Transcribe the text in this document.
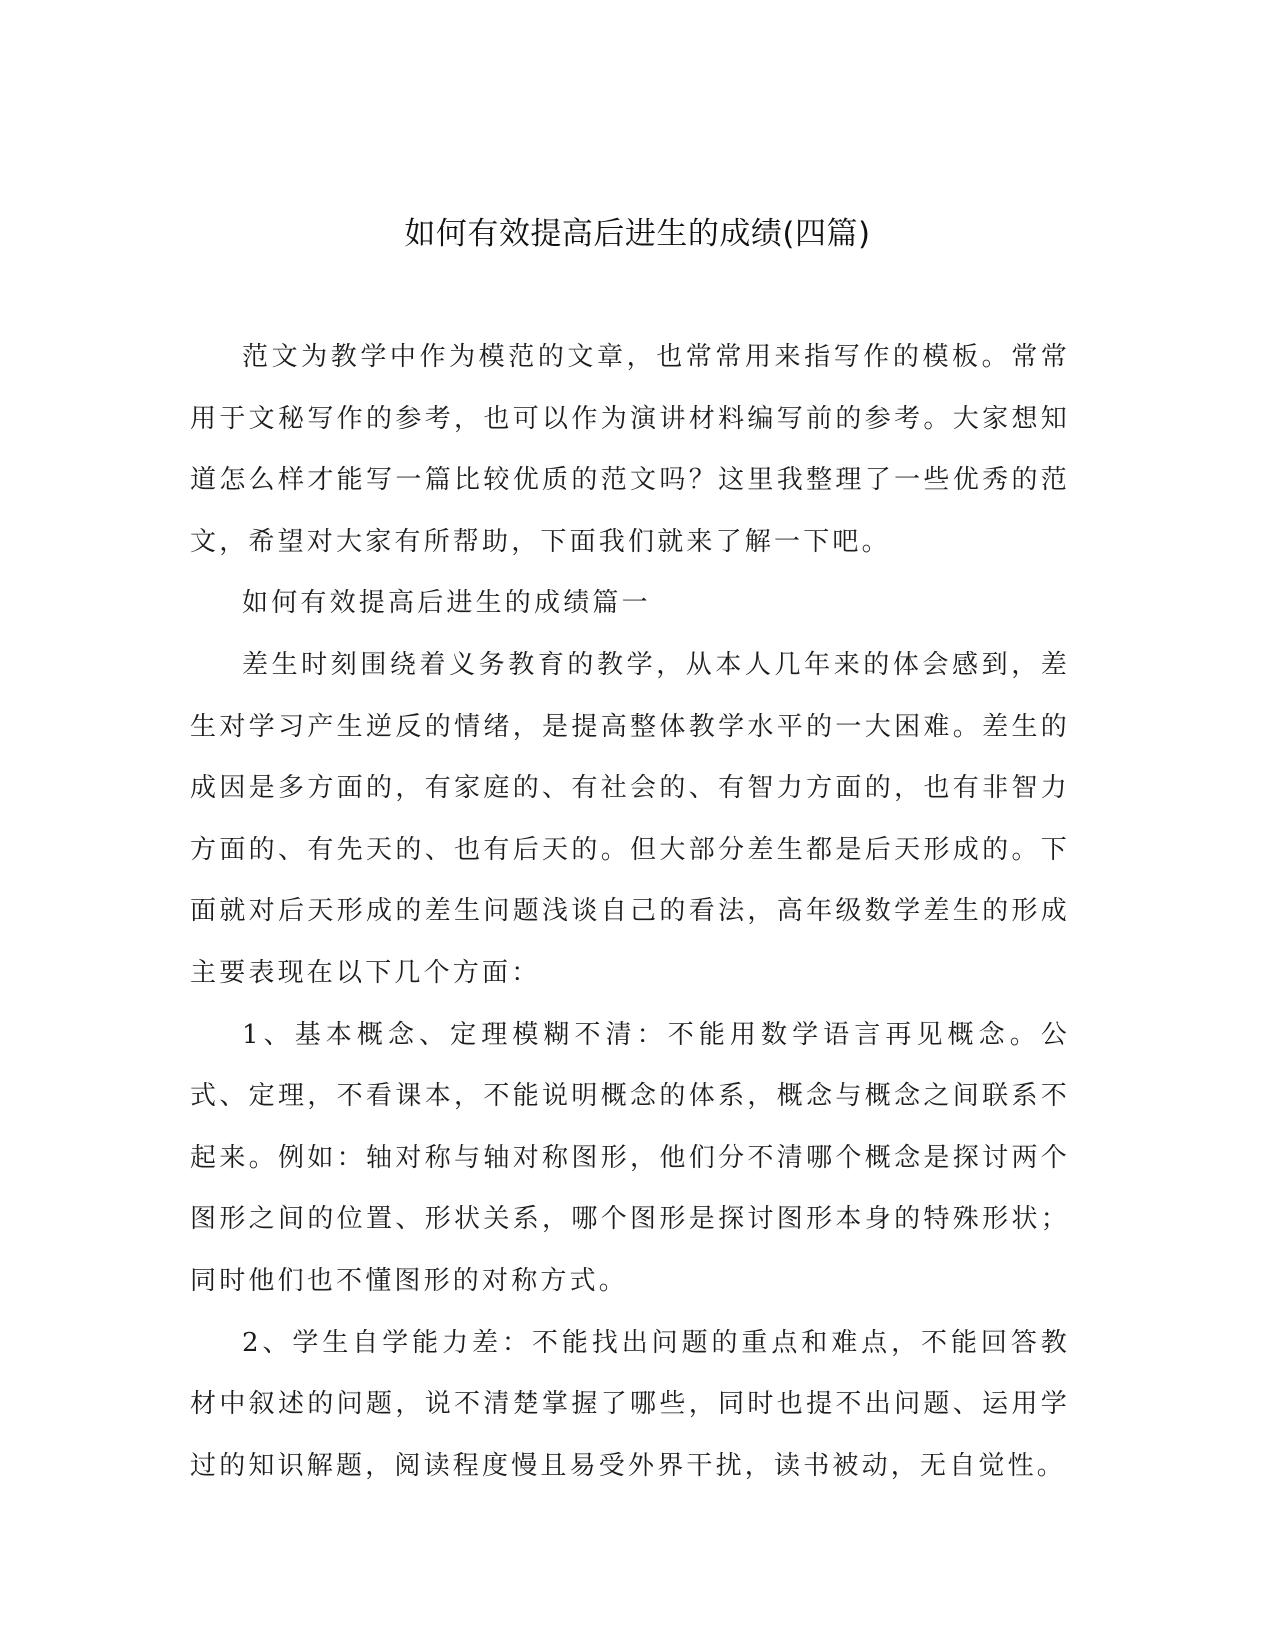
如何有效提高后进生的成绩(四篇)

范文为教学中作为模范的文章，也常常用来指写作的模板。常常用于文秘写作的参考，也可以作为演讲材料编写前的参考。大家想知道怎么样才能写一篇比较优质的范文吗？这里我整理了一些优秀的范文，希望对大家有所帮助，下面我们就来了解一下吧。

如何有效提高后进生的成绩篇一

差生时刻围绕着义务教育的教学，从本人几年来的体会感到，差生对学习产生逆反的情绪，是提高整体教学水平的一大困难。差生的成因是多方面的，有家庭的、有社会的、有智力方面的，也有非智力方面的、有先天的、也有后天的。但大部分差生都是后天形成的。下面就对后天形成的差生问题浅谈自己的看法，高年级数学差生的形成主要表现在以下几个方面：

1、基本概念、定理模糊不清：不能用数学语言再见概念。公式、定理，不看课本，不能说明概念的体系，概念与概念之间联系不起来。例如：轴对称与轴对称图形，他们分不清哪个概念是探讨两个图形之间的位置、形状关系，哪个图形是探讨图形本身的特殊形状；同时他们也不懂图形的对称方式。

2、学生自学能力差：不能找出问题的重点和难点，不能回答教材中叙述的问题，说不清楚掌握了哪些，同时也提不出问题、运用学过的知识解题，阅读程度慢且易受外界干扰，读书被动，无自觉性。
